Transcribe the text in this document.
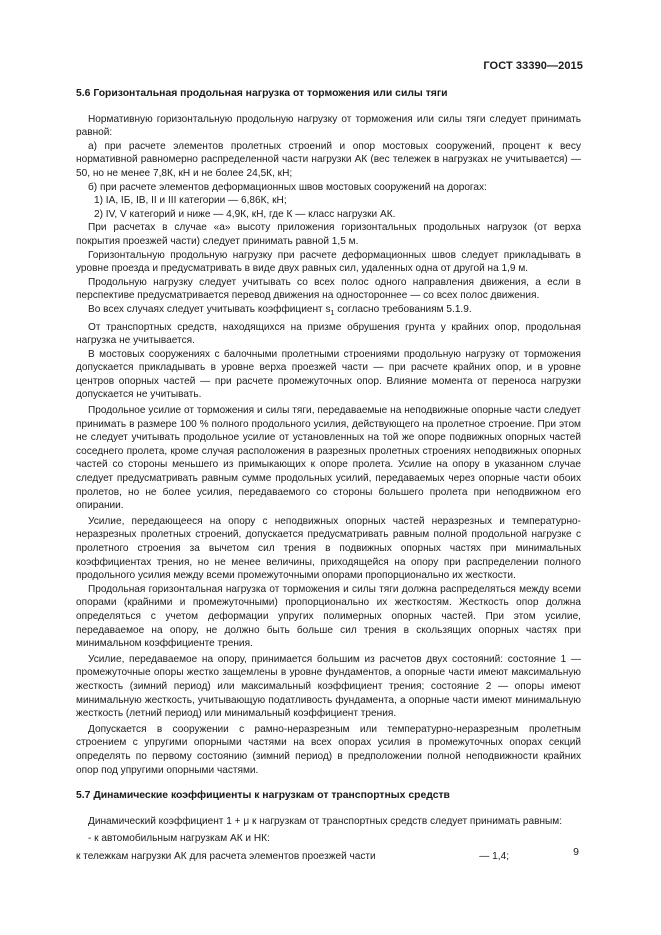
ГОСТ 33390—2015
5.6 Горизонтальная продольная нагрузка от торможения или силы тяги

Нормативную горизонтальную продольную нагрузку от торможения или силы тяги следует принимать равной:

а) при расчете элементов пролетных строений и опор мостовых сооружений, процент к весу нормативной равномерно распределенной части нагрузки АК (вес тележек в нагрузках не учитывается) — 50, но не менее 7,8К, кН и не более 24,5К, кН;

б) при расчете элементов деформационных швов мостовых сооружений на дорогах:

1) IA, IБ, IB, II и III категории — 6,86К, кН;

2) IV, V категорий и ниже — 4,9К, кН, где К — класс нагрузки АК.

При расчетах в случае «а» высоту приложения горизонтальных продольных нагрузок (от верха покрытия проезжей части) следует принимать равной 1,5 м.

Горизонтальную продольную нагрузку при расчете деформационных швов следует прикладывать в уровне проезда и предусматривать в виде двух равных сил, удаленных одна от другой на 1,9 м.

Продольную нагрузку следует учитывать со всех полос одного направления движения, а если в перспективе предусматривается перевод движения на одностороннее — со всех полос движения.

Во всех случаях следует учитывать коэффициент $s_1$ согласно требованиям 5.1.9.

От транспортных средств, находящихся на призме обрушения грунта у крайних опор, продольная нагрузка не учитывается.

В мостовых сооружениях с балочными пролетными строениями продольную нагрузку от торможения допускается прикладывать в уровне верха проезжей части — при расчете крайних опор, и в уровне центров опорных частей — при расчете промежуточных опор. Влияние момента от переноса нагрузки допускается не учитывать.

Продольное усилие от торможения и силы тяги, передаваемые на неподвижные опорные части следует принимать в размере 100 % полного продольного усилия, действующего на пролетное строение. При этом не следует учитывать продольное усилие от установленных на той же опоре подвижных опорных частей соседнего пролета, кроме случая расположения в разрезных пролетных строениях неподвижных опорных частей со стороны меньшего из примыкающих к опоре пролета. Усилие на опору в указанном случае следует предусматривать равным сумме продольных усилий, передаваемых через опорные части обоих пролетов, но не более усилия, передаваемого со стороны большего пролета при неподвижном его опирании.

Усилие, передающееся на опору с неподвижных опорных частей неразрезных и температурно-неразрезных пролетных строений, допускается предусматривать равным полной продольной нагрузке с пролетного строения за вычетом сил трения в подвижных опорных частях при минимальных коэффициентах трения, но не менее величины, приходящейся на опору при распределении полного продольного усилия между всеми промежуточными опорами пропорционально их жесткости.

Продольная горизонтальная нагрузка от торможения и силы тяги должна распределяться между всеми опорами (крайними и промежуточными) пропорционально их жесткостям. Жесткость опор должна определяться с учетом деформации упругих полимерных опорных частей. При этом усилие, передаваемое на опору, не должно быть больше сил трения в скользящих опорных частях при минимальном коэффициенте трения.

Усилие, передаваемое на опору, принимается большим из расчетов двух состояний: состояние 1 — промежуточные опоры жестко защемлены в уровне фундаментов, а опорные части имеют максимальную жесткость (зимний период) или максимальный коэффициент трения; состояние 2 — опоры имеют минимальную жесткость, учитывающую податливость фундамента, а опорные части имеют минимальную жесткость (летний период) или минимальный коэффициент трения.

Допускается в сооружении с рамно-неразрезным или температурно-неразрезным пролетным строением с упругими опорными частями на всех опорах усилия в промежуточных опорах секций определять по первому состоянию (зимний период) в предположении полной неподвижности крайних опор под упругими опорными частями.

5.7 Динамические коэффициенты к нагрузкам от транспортных средств

Динамический коэффициент 1 + μ к нагрузкам от транспортных средств следует принимать равным:

- к автомобильным нагрузкам АК и НК:

к тележкам нагрузки АК для расчета элементов проезжей части	— 1,4;	9
